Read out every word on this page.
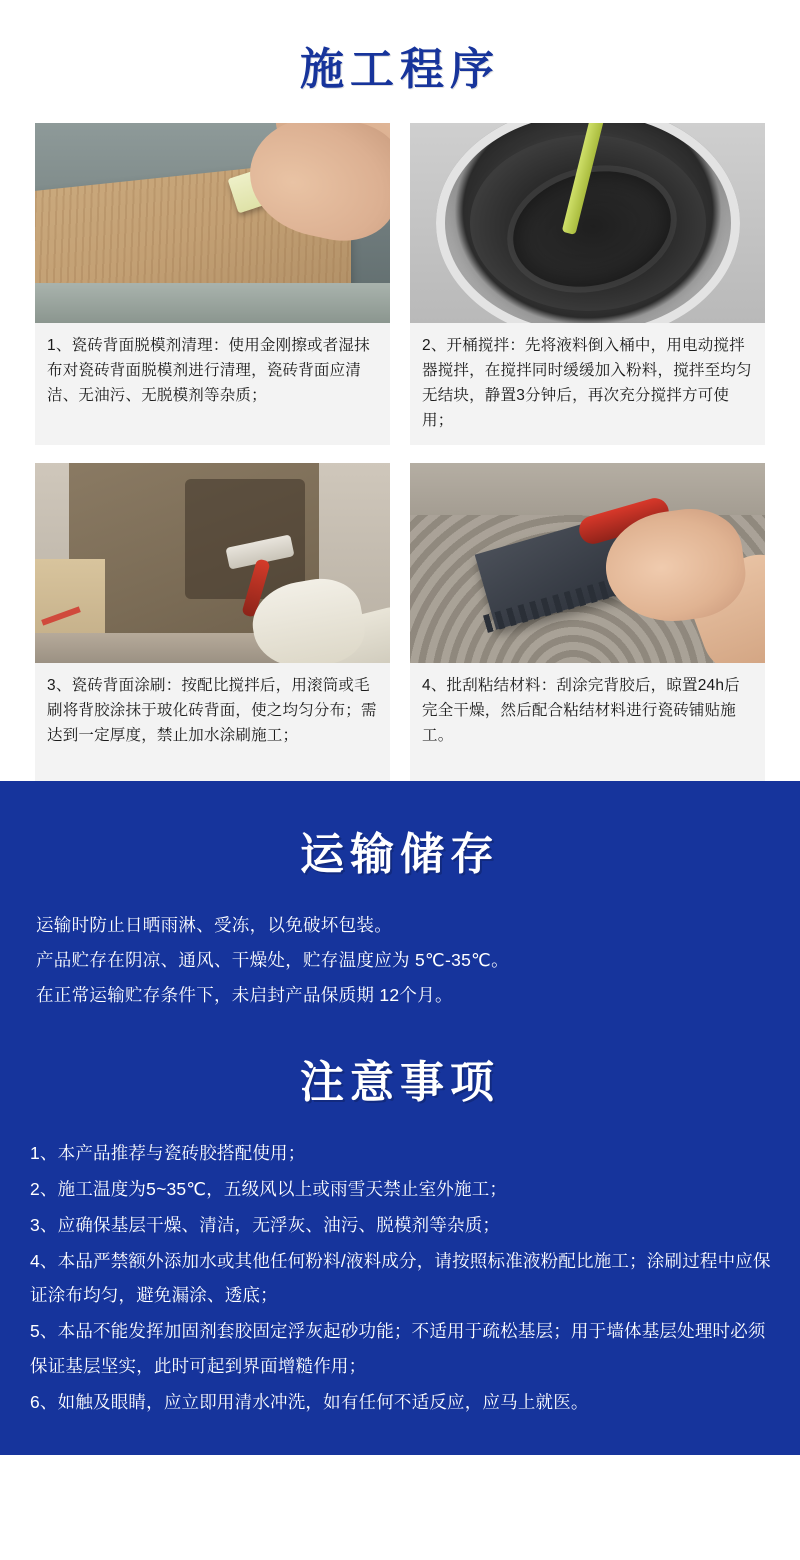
施工程序
1、瓷砖背面脱模剂清理：使用金刚擦或者湿抹布对瓷砖背面脱模剂进行清理，瓷砖背面应清洁、无油污、无脱模剂等杂质；
2、开桶搅拌：先将液料倒入桶中，用电动搅拌器搅拌，在搅拌同时缓缓加入粉料，搅拌至均匀无结块，静置3分钟后，再次充分搅拌方可使用；
3、瓷砖背面涂刷：按配比搅拌后，用滚筒或毛刷将背胶涂抹于玻化砖背面，使之均匀分布；需达到一定厚度，禁止加水涂刷施工；
4、批刮粘结材料：刮涂完背胶后，晾置24h后完全干燥，然后配合粘结材料进行瓷砖铺贴施工。
运输储存

运输时防止日晒雨淋、受冻，以免破坏包装。

产品贮存在阴凉、通风、干燥处，贮存温度应为 5℃-35℃。

在正常运输贮存条件下，未启封产品保质期 12个月。

注意事项

1、本产品推荐与瓷砖胶搭配使用；

2、施工温度为5~35℃，五级风以上或雨雪天禁止室外施工；

3、应确保基层干燥、清洁，无浮灰、油污、脱模剂等杂质；

4、本品严禁额外添加水或其他任何粉料/液料成分，请按照标准液粉配比施工；涂刷过程中应保证涂布均匀，避免漏涂、透底；

5、本品不能发挥加固剂套胶固定浮灰起砂功能；不适用于疏松基层；用于墙体基层处理时必须保证基层坚实，此时可起到界面增糙作用；

6、如触及眼睛，应立即用清水冲洗，如有任何不适反应，应马上就医。
